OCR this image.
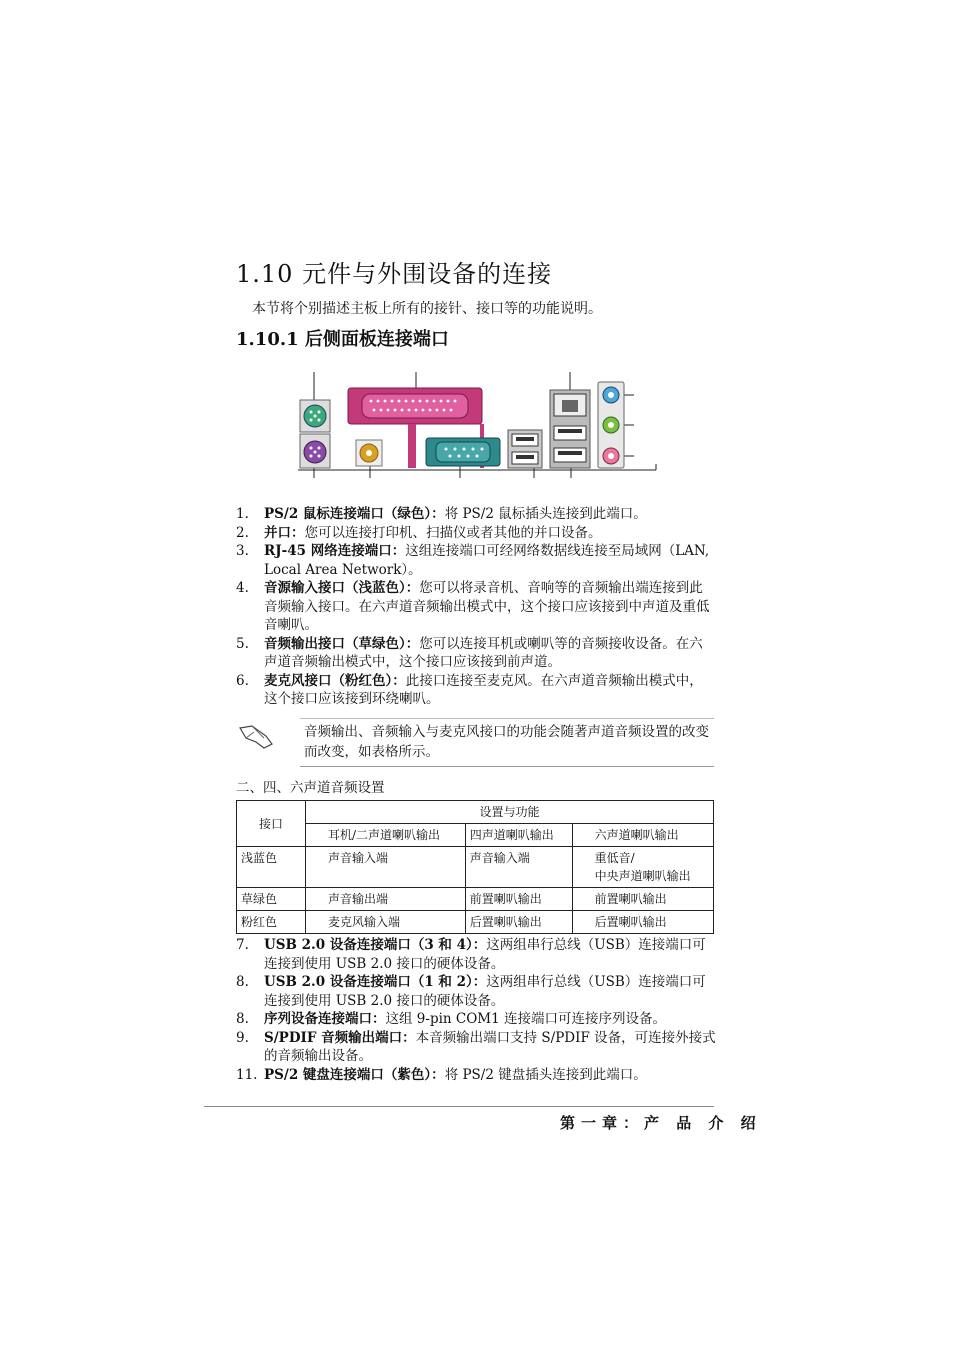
1.10 元件与外围设备的连接
本节将个别描述主板上所有的接针、接口等的功能说明。
1.10.1 后侧面板连接端口
1. PS/2 鼠标连接端口（绿色）：将 PS/2 鼠标插头连接到此端口。
2. 并口：您可以连接打印机、扫描仪或者其他的并口设备。
3. RJ-45 网络连接端口：这组连接端口可经网络数据线连接至局域网（LAN, Local Area Network）。
4. 音源输入接口（浅蓝色）：您可以将录音机、音响等的音频输出端连接到此音频输入接口。在六声道音频输出模式中，这个接口应该接到中声道及重低音喇叭。
5. 音频输出接口（草绿色）：您可以连接耳机或喇叭等的音频接收设备。在六声道音频输出模式中，这个接口应该接到前声道。
6. 麦克风接口（粉红色）：此接口连接至麦克风。在六声道音频输出模式中，这个接口应该接到环绕喇叭。
音频输出、音频输入与麦克风接口的功能会随著声道音频设置的改变而改变，如表格所示。
二、四、六声道音频设置
接口	设置与功能		
	耳机/二声道喇叭输出	四声道喇叭输出	六声道喇叭输出
浅蓝色	声音输入端	声音输入端	重低音/
中央声道喇叭输出
草绿色	声音输出端	前置喇叭输出	前置喇叭输出
粉红色	麦克风输入端	后置喇叭输出	后置喇叭输出
7. USB 2.0 设备连接端口（3 和 4）：这两组串行总线（USB）连接端口可连接到使用 USB 2.0 接口的硬体设备。
8. USB 2.0 设备连接端口（1 和 2）：这两组串行总线（USB）连接端口可连接到使用 USB 2.0 接口的硬体设备。
8. 序列设备连接端口：这组 9-pin COM1 连接端口可连接序列设备。
9. S/PDIF 音频输出端口：本音频输出端口支持 S/PDIF 设备，可连接外接式的音频输出设备。
11. PS/2 键盘连接端口（紫色）：将 PS/2 键盘插头连接到此端口。
第一章：产 品 介 绍
